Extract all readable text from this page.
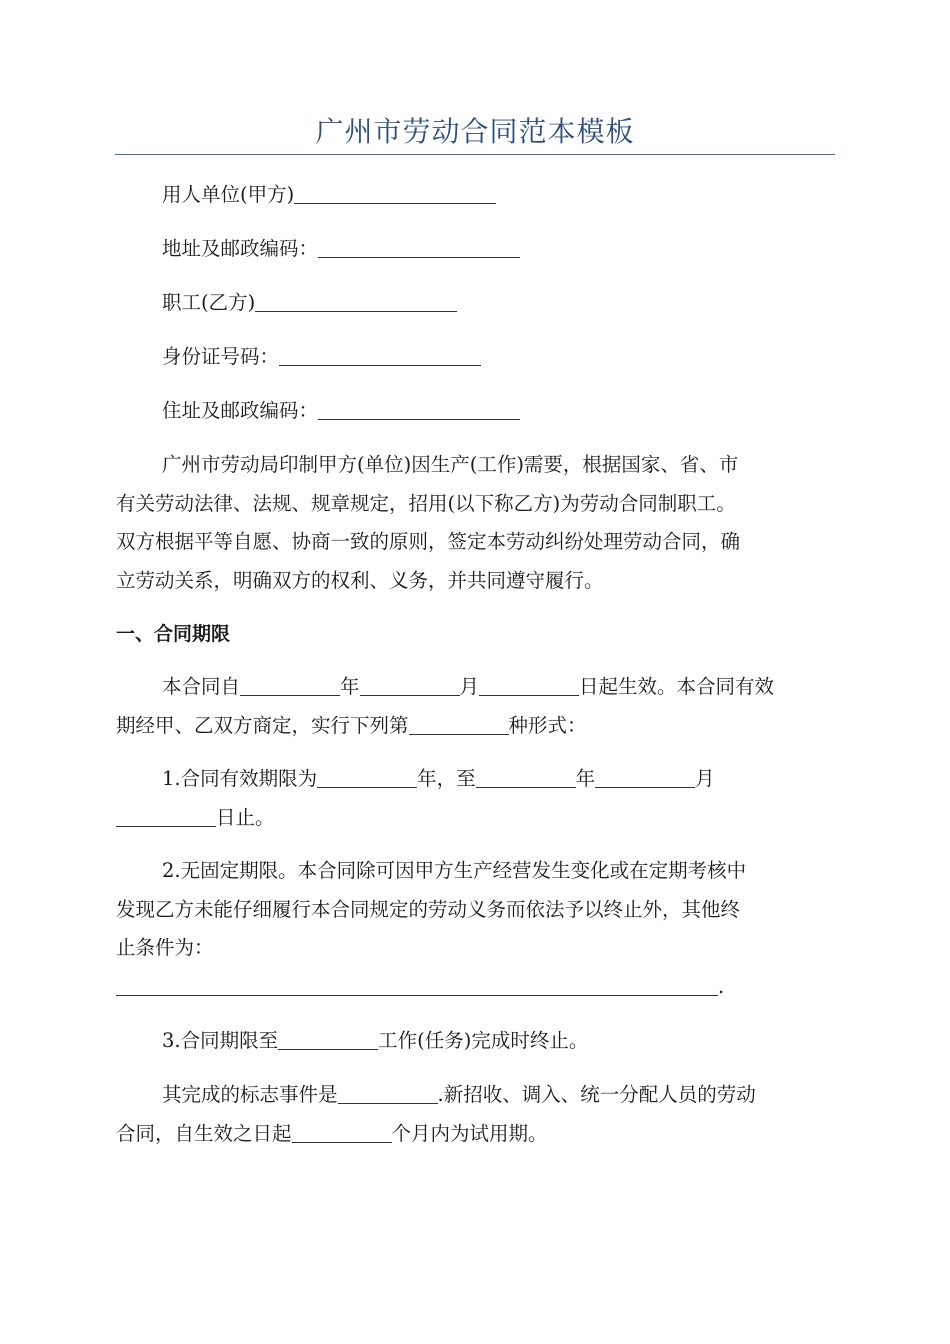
广州市劳动合同范本模板
用人单位(甲方)
地址及邮政编码：
职工(乙方)
身份证号码：
住址及邮政编码：
广州市劳动局印制甲方(单位)因生产(工作)需要，根据国家、省、市
有关劳动法律、法规、规章规定，招用(以下称乙方)为劳动合同制职工。
双方根据平等自愿、协商一致的原则，签定本劳动纠纷处理劳动合同，确
立劳动关系，明确双方的权利、义务，并共同遵守履行。
一、合同期限
本合同自	年	月	日起生效。本合同有效
期经甲、乙双方商定，实行下列第	种形式：
1.合同有效期限为	年，至	年	月
日止。
2.无固定期限。本合同除可因甲方生产经营发生变化或在定期考核中
发现乙方未能仔细履行本合同规定的劳动义务而依法予以终止外，其他终
止条件为：
.
3.合同期限至	工作(任务)完成时终止。
其完成的标志事件是	.新招收、调入、统一分配人员的劳动
合同，自生效之日起	个月内为试用期。
